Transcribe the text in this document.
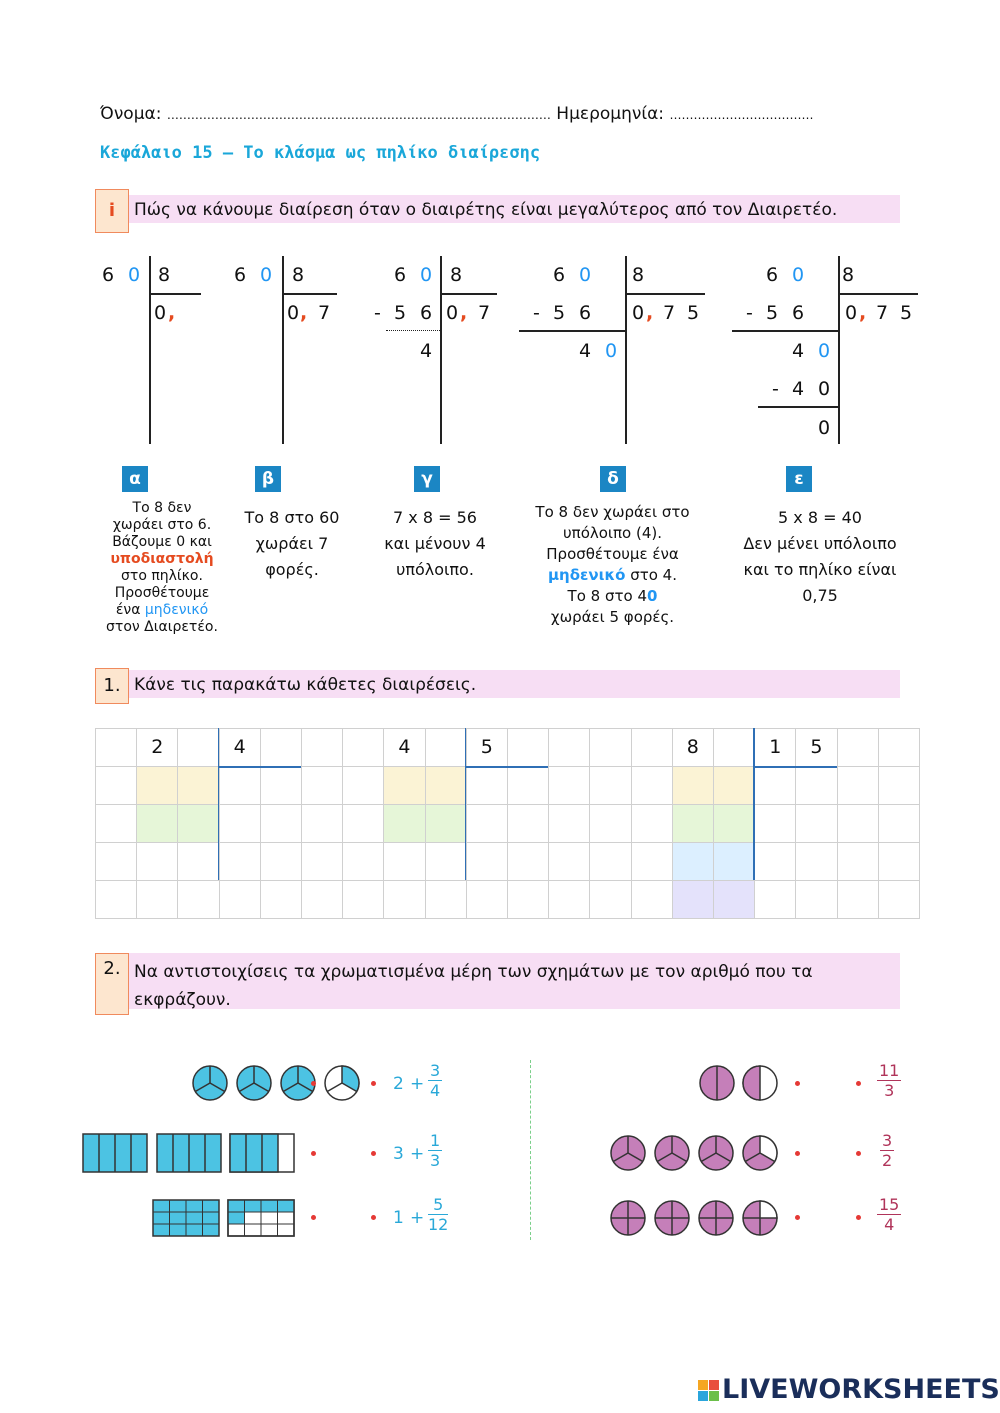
Όνομα: …………………………………………………………………………………… Ημερομηνία: ………………………………
Κεφάλαιο 15 – Το κλάσμα ως πηλίκο διαίρεσης
i	Πώς να κάνουμε διαίρεση όταν ο διαιρέτης είναι μεγαλύτερος από τον Διαιρετέο.
6 0 8
0 ,
6 0 8
0 , 7
6 0 8
- 5 6 0 , 7
4
6 0 8
- 5 6 0 , 7 5
4 0
6 0 8
- 5 6 0 , 7 5
4 0
- 4 0
0
α	β	γ	δ	ε
Το 8 δεν
χωράει στο 6.
Βάζουμε 0 και
υποδιαστολή
στο πηλίκο.
Προσθέτουμε
ένα μηδενικό
στον Διαιρετέο.
Το 8 στο 60
χωράει 7
φορές.
7 x 8 = 56
και μένουν 4
υπόλοιπο.
Το 8 δεν χωράει στο
υπόλοιπο (4).
Προσθέτουμε ένα
μηδενικό στο 4.
Το 8 στο 40
χωράει 5 φορές.
5 x 8 = 40
Δεν μένει υπόλοιπο
και το πηλίκο είναι
0,75
1. Κάνε τις παρακάτω κάθετες διαιρέσεις.
2	4	4	5	8	1 5
2. Να αντιστοιχίσεις τα χρωματισμένα μέρη των σχημάτων με τον αριθμό που τα
εκφράζουν.
$2 + \frac{3}{4}$
$3 + \frac{1}{3}$
$1 + \frac{5}{12}$
$\frac{11}{3}$
$\frac{3}{2}$
$\frac{15}{4}$
LIVEWORKSHEETS
